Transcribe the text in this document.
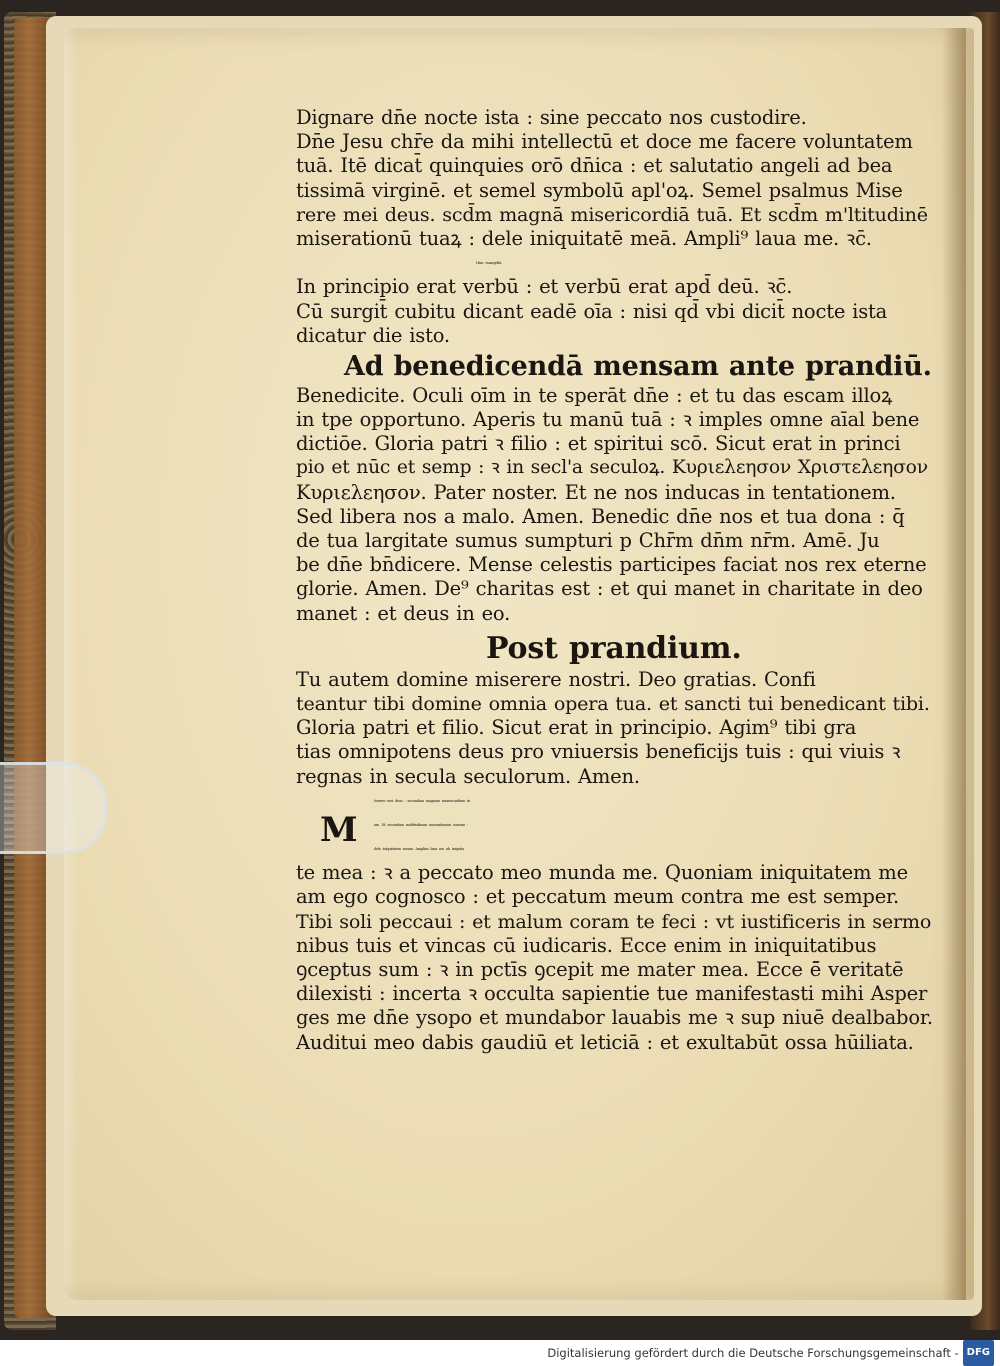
Dignare dn̄e nocte ista : sine peccato nos custodire.
Dn̄e Jesu chr̄e da mihi intellectū et doce me facere voluntatem
tuā. Itē dicat̄ quinquies orō dn̄ica : et salutatio angeli ad bea
tissimā virginē. et semel symbolū apl'oꝝ. Semel psalmus Mise
rere mei deus. scd̄m magnā misericordiā tuā. Et scd̄m m'ltitudinē
miserationū tuaꝝ : dele iniquitatē meā. Ampli⁹ laua me. ꝛc̄.
Hinc euangeliū.
In principio erat verbū : et verbū erat apd̄ deū. ꝛc̄.
Cū surgit̄ cubitu dicant eadē oīa : nisi qd̄ vbi dicit̄ nocte ista
dicatur die isto.
Ad benedicendā mensam ante prandiū.
Benedicite. Oculi oīm in te sperāt dn̄e : et tu das escam illoꝝ
in tpe opportuno. Aperis tu manū tuā : ꝛ imples omne aīal bene
dictiōe. Gloria patri ꝛ filio : et spiritui scō. Sicut erat in princi
pio et nūc et semp : ꝛ in secl'a seculoꝝ. Κυριελεησον Χριστελεησον
Κυριελεησον. Pater noster. Et ne nos inducas in tentationem.
Sed libera nos a malo. Amen. Benedic dn̄e nos et tua dona : q̄
de tua largitate sumus sumpturi p Chr̄m dn̄m nr̄m. Amē. Ju
be dn̄e bn̄dicere. Mense celestis participes faciat nos rex eterne
glorie. Amen. De⁹ charitas est : et qui manet in charitate in deo
manet : et deus in eo.
Post prandium.
Tu autem domine miserere nostri. Deo gratias. Confi
teantur tibi domine omnia opera tua. et sancti tui benedicant tibi.
Gloria patri et filio. Sicut erat in principio. Agim⁹ tibi gra
tias omnipotens deus pro vniuersis beneficijs tuis : qui viuis ꝛ
regnas in secula seculorum. Amen.
M
Iserere mei deus : secundum magnam misericordiam tu
am. Et secundum multitudinem miserationum tuarum :
dele iniquitatem meam. Amplius laua me ab iniquita
te mea : ꝛ a peccato meo munda me. Quoniam iniquitatem me
am ego cognosco : et peccatum meum contra me est semper.
Tibi soli peccaui : et malum coram te feci : vt iustificeris in sermo
nibus tuis et vincas cū iudicaris. Ecce enim in iniquitatibus
ꝯceptus sum : ꝛ in pctīs ꝯcepit me mater mea. Ecce ē̄ veritatē
dilexisti : incerta ꝛ occulta sapientie tue manifestasti mihi Asper
ges me dn̄e ysopo et mundabor lauabis me ꝛ sup niuē dealbabor.
Auditui meo dabis gaudiū et leticiā : et exultabūt ossa hūiliata.
Digitalisierung gefördert durch die Deutsche Forschungsgemeinschaft - DFG
